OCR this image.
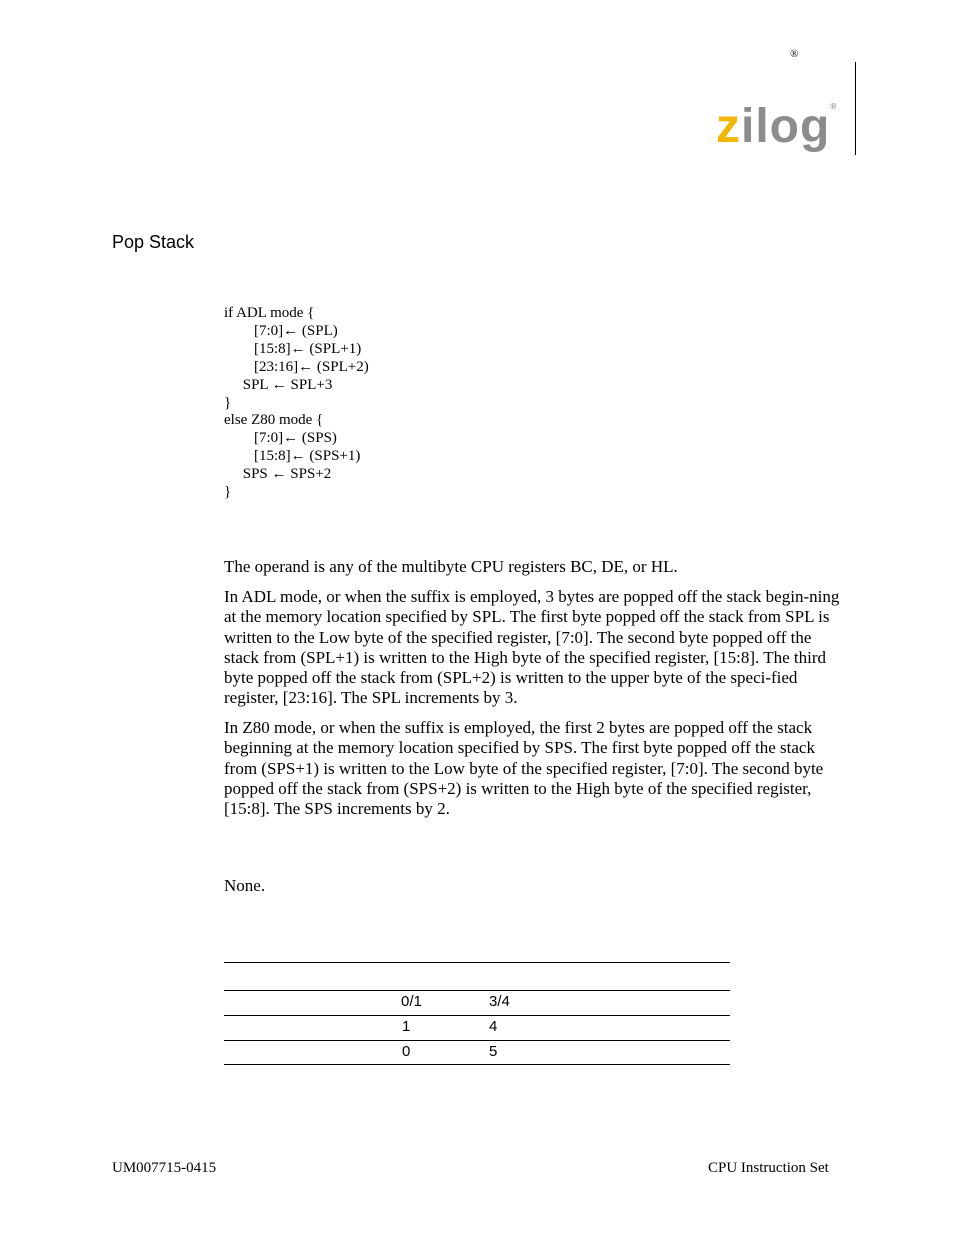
®
zilog®
Pop Stack
if ADL mode {
[7:0]← (SPL)
[15:8]← (SPL+1)
[23:16]← (SPL+2)
SPL ← SPL+3
}
else Z80 mode {
[7:0]← (SPS)
[15:8]← (SPS+1)
SPS ← SPS+2
}
The operand is any of the multibyte CPU registers BC, DE, or HL.
In ADL mode, or when the suffix is employed, 3 bytes are popped off the stack begin-ning at the memory location specified by SPL. The first byte popped off the stack from SPL is written to the Low byte of the specified register, [7:0]. The second byte popped off the stack from (SPL+1) is written to the High byte of the specified register, [15:8]. The third byte popped off the stack from (SPL+2) is written to the upper byte of the speci-fied register, [23:16]. The SPL increments by 3.
In Z80 mode, or when the suffix is employed, the first 2 bytes are popped off the stack beginning at the memory location specified by SPS. The first byte popped off the stack from (SPS+1) is written to the Low byte of the specified register, [7:0]. The second byte popped off the stack from (SPS+2) is written to the High byte of the specified register, [15:8]. The SPS increments by 2.
None.
0/1	3/4
1	4
0	5
UM007715-0415	CPU Instruction Set
